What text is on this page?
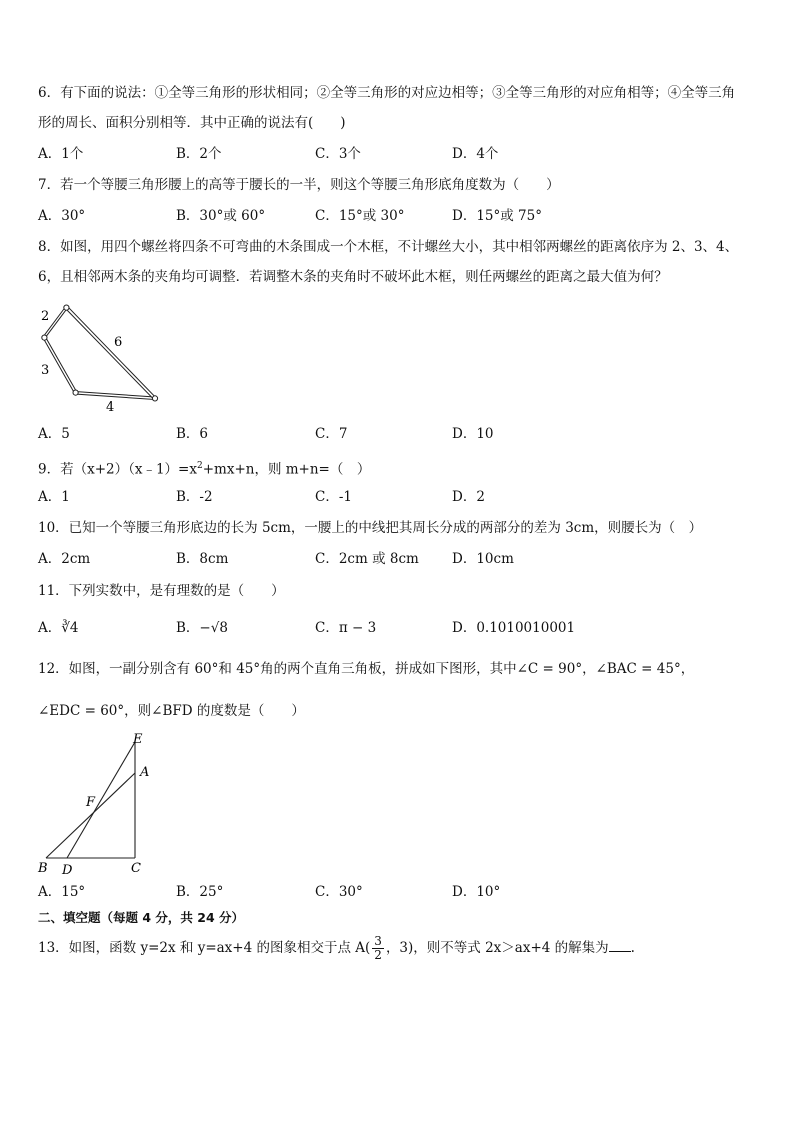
6．有下面的说法：①全等三角形的形状相同；②全等三角形的对应边相等；③全等三角形的对应角相等；④全等三角
形的周长、面积分别相等．其中正确的说法有(　　)
A．1个	B．2个	C．3个	D．4个
7．若一个等腰三角形腰上的高等于腰长的一半，则这个等腰三角形底角度数为（　　）
A．30°	B．30°或 60°	C．15°或 30°	D．15°或 75°
8．如图，用四个螺丝将四条不可弯曲的木条围成一个木框，不计螺丝大小，其中相邻两螺丝的距离依序为 2、3、4、
6，且相邻两木条的夹角均可调整．若调整木条的夹角时不破坏此木框，则任两螺丝的距离之最大值为何？
2
3
4
6
A．5	B．6	C．7	D．10
9．若$(x+2)(x﹣1)=x^2+mx+n$，则 m+n=（　）
A．1	B．-2	C．-1	D．2
10．已知一个等腰三角形底边的长为 5cm，一腰上的中线把其周长分成的两部分的差为 3cm，则腰长为（　）
A．2cm	B．8cm	C．2cm 或 8cm D．10cm
11．下列实数中，是有理数的是（　　）
A．∛4	B．−√8	C．π − 3	D．0.1010010001
12．如图，一副分别含有 60°和 45°角的两个直角三角板，拼成如下图形，其中∠C = 90°，∠BAC = 45°，
∠EDC = 60°，则∠BFD 的度数是（　　）
E
A
F
B D	C
A．15°	B．25°	C．30°	D．10°
二、填空题（每题 4 分，共 24 分）
13．如图，函数 y=2x 和 y=ax+4 的图象相交于点 $A( \frac{3}{2}$ ，3)，则不等式 2x＞ax+4 的解集为 .
